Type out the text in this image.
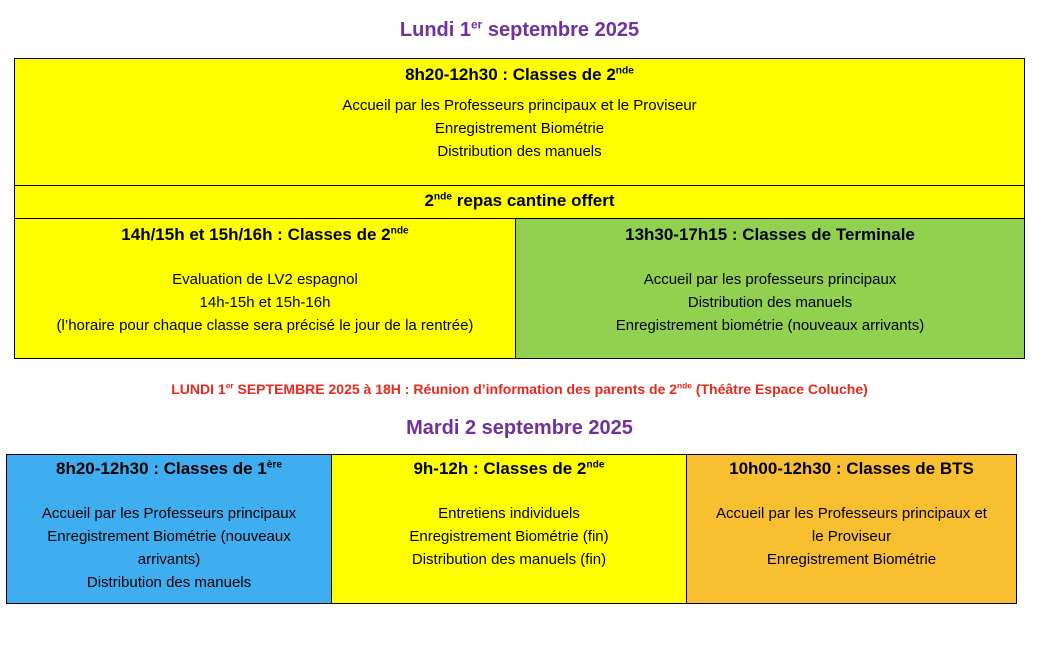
Lundi 1er septembre 2025
8h20-12h30 : Classes de 2nde
Accueil par les Professeurs principaux et le Proviseur
Enregistrement Biométrie
Distribution des manuels
2nde repas cantine offert
14h/15h et 15h/16h : Classes de 2nde
Evaluation de LV2 espagnol
14h-15h et 15h-16h
(l’horaire pour chaque classe sera précisé le jour de la rentrée)
13h30-17h15 : Classes de Terminale
Accueil par les professeurs principaux
Distribution des manuels
Enregistrement biométrie (nouveaux arrivants)
LUNDI 1er SEPTEMBRE 2025 à 18H : Réunion d’information des parents de 2nde (Théâtre Espace Coluche)
Mardi 2 septembre 2025
8h20-12h30 : Classes de 1ère
Accueil par les Professeurs principaux
Enregistrement Biométrie (nouveaux
arrivants)
Distribution des manuels
9h-12h : Classes de 2nde
Entretiens individuels
Enregistrement Biométrie (fin)
Distribution des manuels (fin)
10h00-12h30 : Classes de BTS
Accueil par les Professeurs principaux et
le Proviseur
Enregistrement Biométrie
